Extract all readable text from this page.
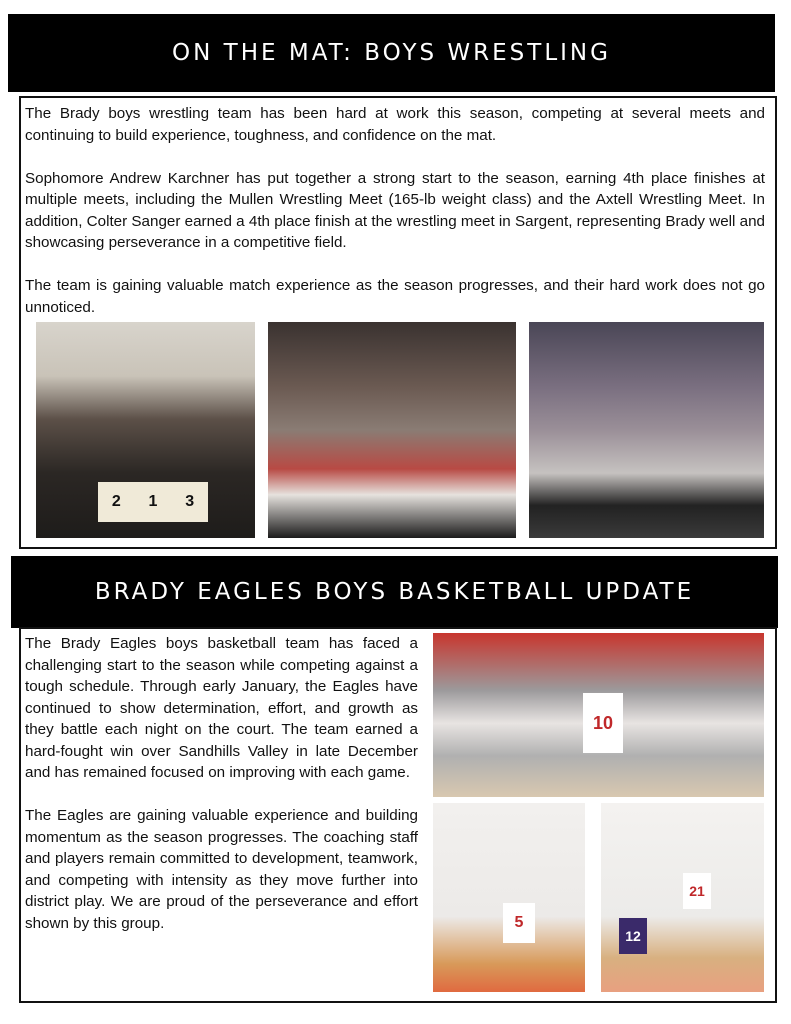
ON THE MAT: BOYS WRESTLING

The Brady boys wrestling team has been hard at work this season, competing at several meets and continuing to build experience, toughness, and confidence on the mat.

Sophomore Andrew Karchner has put together a strong start to the season, earning 4th place finishes at multiple meets, including the Mullen Wrestling Meet (165-lb weight class) and the Axtell Wrestling Meet. In addition, Colter Sanger earned a 4th place finish at the wrestling meet in Sargent, representing Brady well and showcasing perseverance in a competitive field.

The team is gaining valuable match experience as the season progresses, and their hard work does not go unnoticed.

2 1 3
BRADY EAGLES BOYS BASKETBALL UPDATE

The Brady Eagles boys basketball team has faced a challenging start to the season while competing against a tough schedule. Through early January, the Eagles have continued to show determination, effort, and growth as they battle each night on the court. The team earned a hard-fought win over Sandhills Valley in late December and has remained focused on improving with each game.

The Eagles are gaining valuable experience and building momentum as the season progresses. The coaching staff and players remain committed to development, teamwork, and competing with intensity as they move further into district play. We are proud of the perseverance and effort shown by this group.

10
5
12
21
